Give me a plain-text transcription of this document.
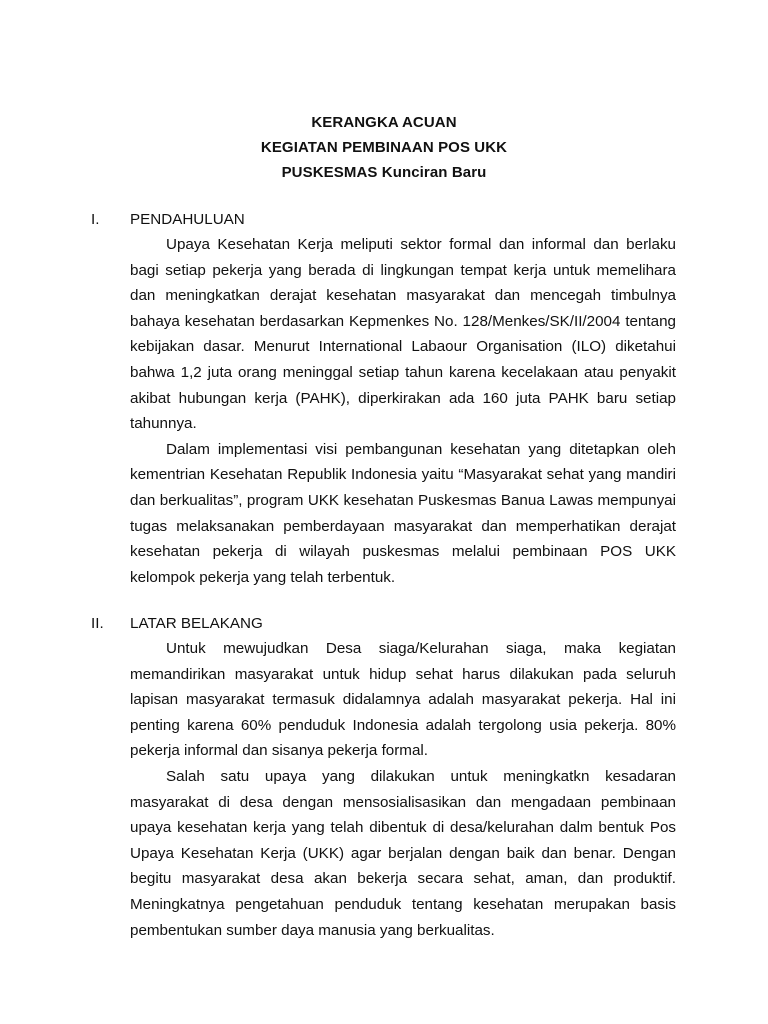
KERANGKA ACUAN
KEGIATAN PEMBINAAN POS UKK
PUSKESMAS Kunciran Baru
I. PENDAHULUAN

Upaya Kesehatan Kerja meliputi sektor formal dan informal dan berlaku bagi setiap pekerja yang berada di lingkungan tempat kerja untuk memelihara dan meningkatkan derajat kesehatan masyarakat dan mencegah timbulnya bahaya kesehatan berdasarkan Kepmenkes No. 128/Menkes/SK/II/2004 tentang kebijakan dasar. Menurut International Labaour Organisation (ILO) diketahui bahwa 1,2 juta orang meninggal setiap tahun karena kecelakaan atau penyakit akibat hubungan kerja (PAHK), diperkirakan ada 160 juta PAHK baru setiap tahunnya.

Dalam implementasi visi pembangunan kesehatan yang ditetapkan oleh kementrian Kesehatan Republik Indonesia yaitu “Masyarakat sehat yang mandiri dan berkualitas”, program UKK kesehatan Puskesmas Banua Lawas mempunyai tugas melaksanakan pemberdayaan masyarakat dan memperhatikan derajat kesehatan pekerja di wilayah puskesmas melalui pembinaan POS UKK kelompok pekerja yang telah terbentuk.

II. LATAR BELAKANG

Untuk mewujudkan Desa siaga/Kelurahan siaga, maka kegiatan memandirikan masyarakat untuk hidup sehat harus dilakukan pada seluruh lapisan masyarakat termasuk didalamnya adalah masyarakat pekerja. Hal ini penting karena 60% penduduk Indonesia adalah tergolong usia pekerja. 80% pekerja informal dan sisanya pekerja formal.

Salah satu upaya yang dilakukan untuk meningkatkn kesadaran masyarakat di desa dengan mensosialisasikan dan mengadaan pembinaan upaya kesehatan kerja yang telah dibentuk di desa/kelurahan dalm bentuk Pos Upaya Kesehatan Kerja (UKK) agar berjalan dengan baik dan benar. Dengan begitu masyarakat desa akan bekerja secara sehat, aman, dan produktif. Meningkatnya pengetahuan penduduk tentang kesehatan merupakan basis pembentukan sumber daya manusia yang berkualitas.
